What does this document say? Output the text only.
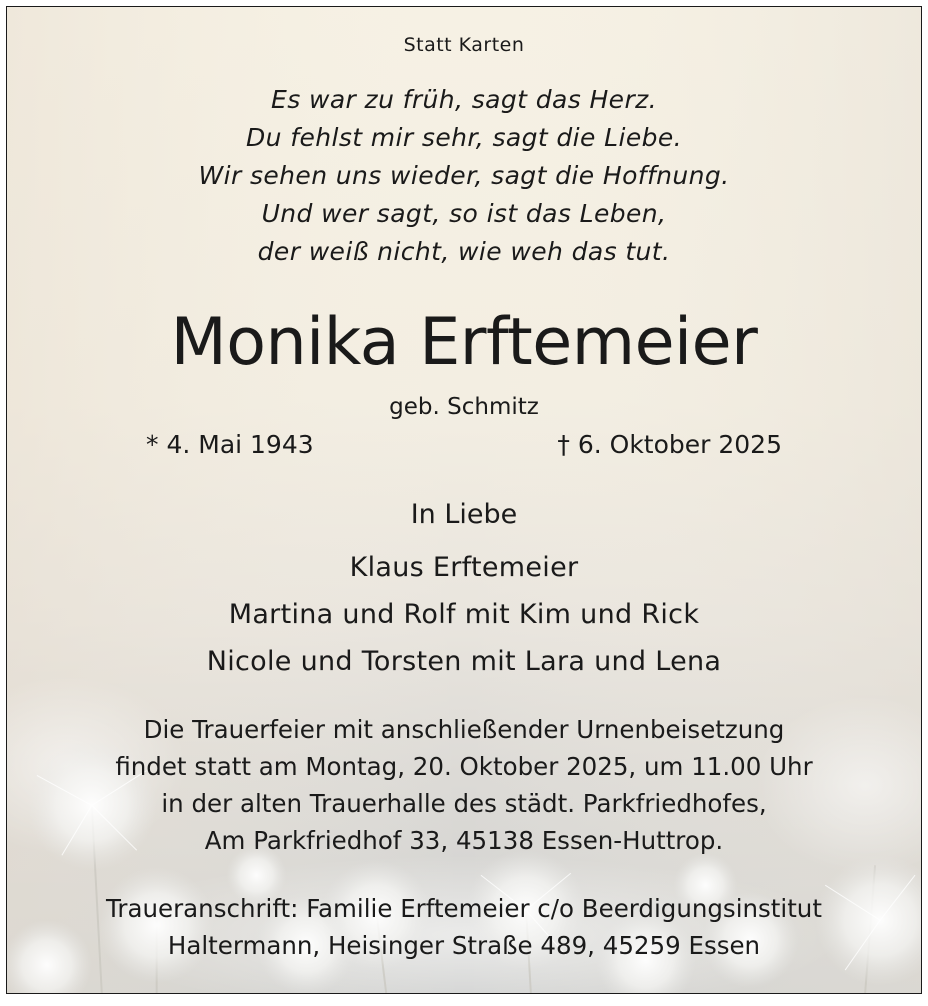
Statt Karten
Es war zu früh, sagt das Herz.
Du fehlst mir sehr, sagt die Liebe.
Wir sehen uns wieder, sagt die Hoffnung.
Und wer sagt, so ist das Leben,
der weiß nicht, wie weh das tut.
Monika Erftemeier
geb. Schmitz
* 4. Mai 1943	† 6. Oktober 2025
In Liebe
Klaus Erftemeier
Martina und Rolf mit Kim und Rick
Nicole und Torsten mit Lara und Lena
Die Trauerfeier mit anschließender Urnenbeisetzung
findet statt am Montag, 20. Oktober 2025, um 11.00 Uhr
in der alten Trauerhalle des städt. Parkfriedhofes,
Am Parkfriedhof 33, 45138 Essen-Huttrop.
Traueranschrift: Familie Erftemeier c/o Beerdigungsinstitut
Haltermann, Heisinger Straße 489, 45259 Essen
